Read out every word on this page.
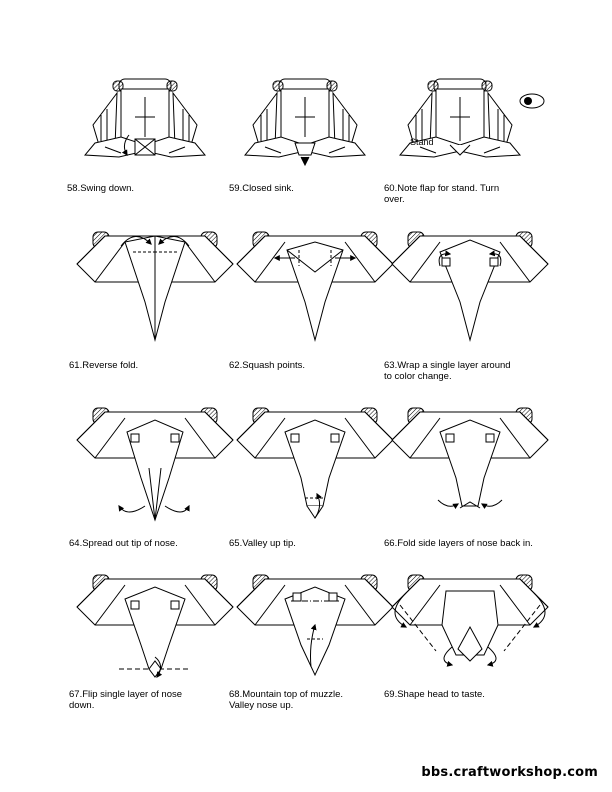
58.Swing down.	59.Closed sink.
Stand
60.Note flap for stand. Turn
over.
61.Reverse fold.	62.Squash points.	63.Wrap a single layer around
to color change.
64.Spread out tip of nose.	65.Valley up tip.	66.Fold side layers of nose back in.
67.Flip single layer of nose
down.
68.Mountain top of muzzle.
Valley nose up.
69.Shape head to taste.
bbs.craftworkshop.com
